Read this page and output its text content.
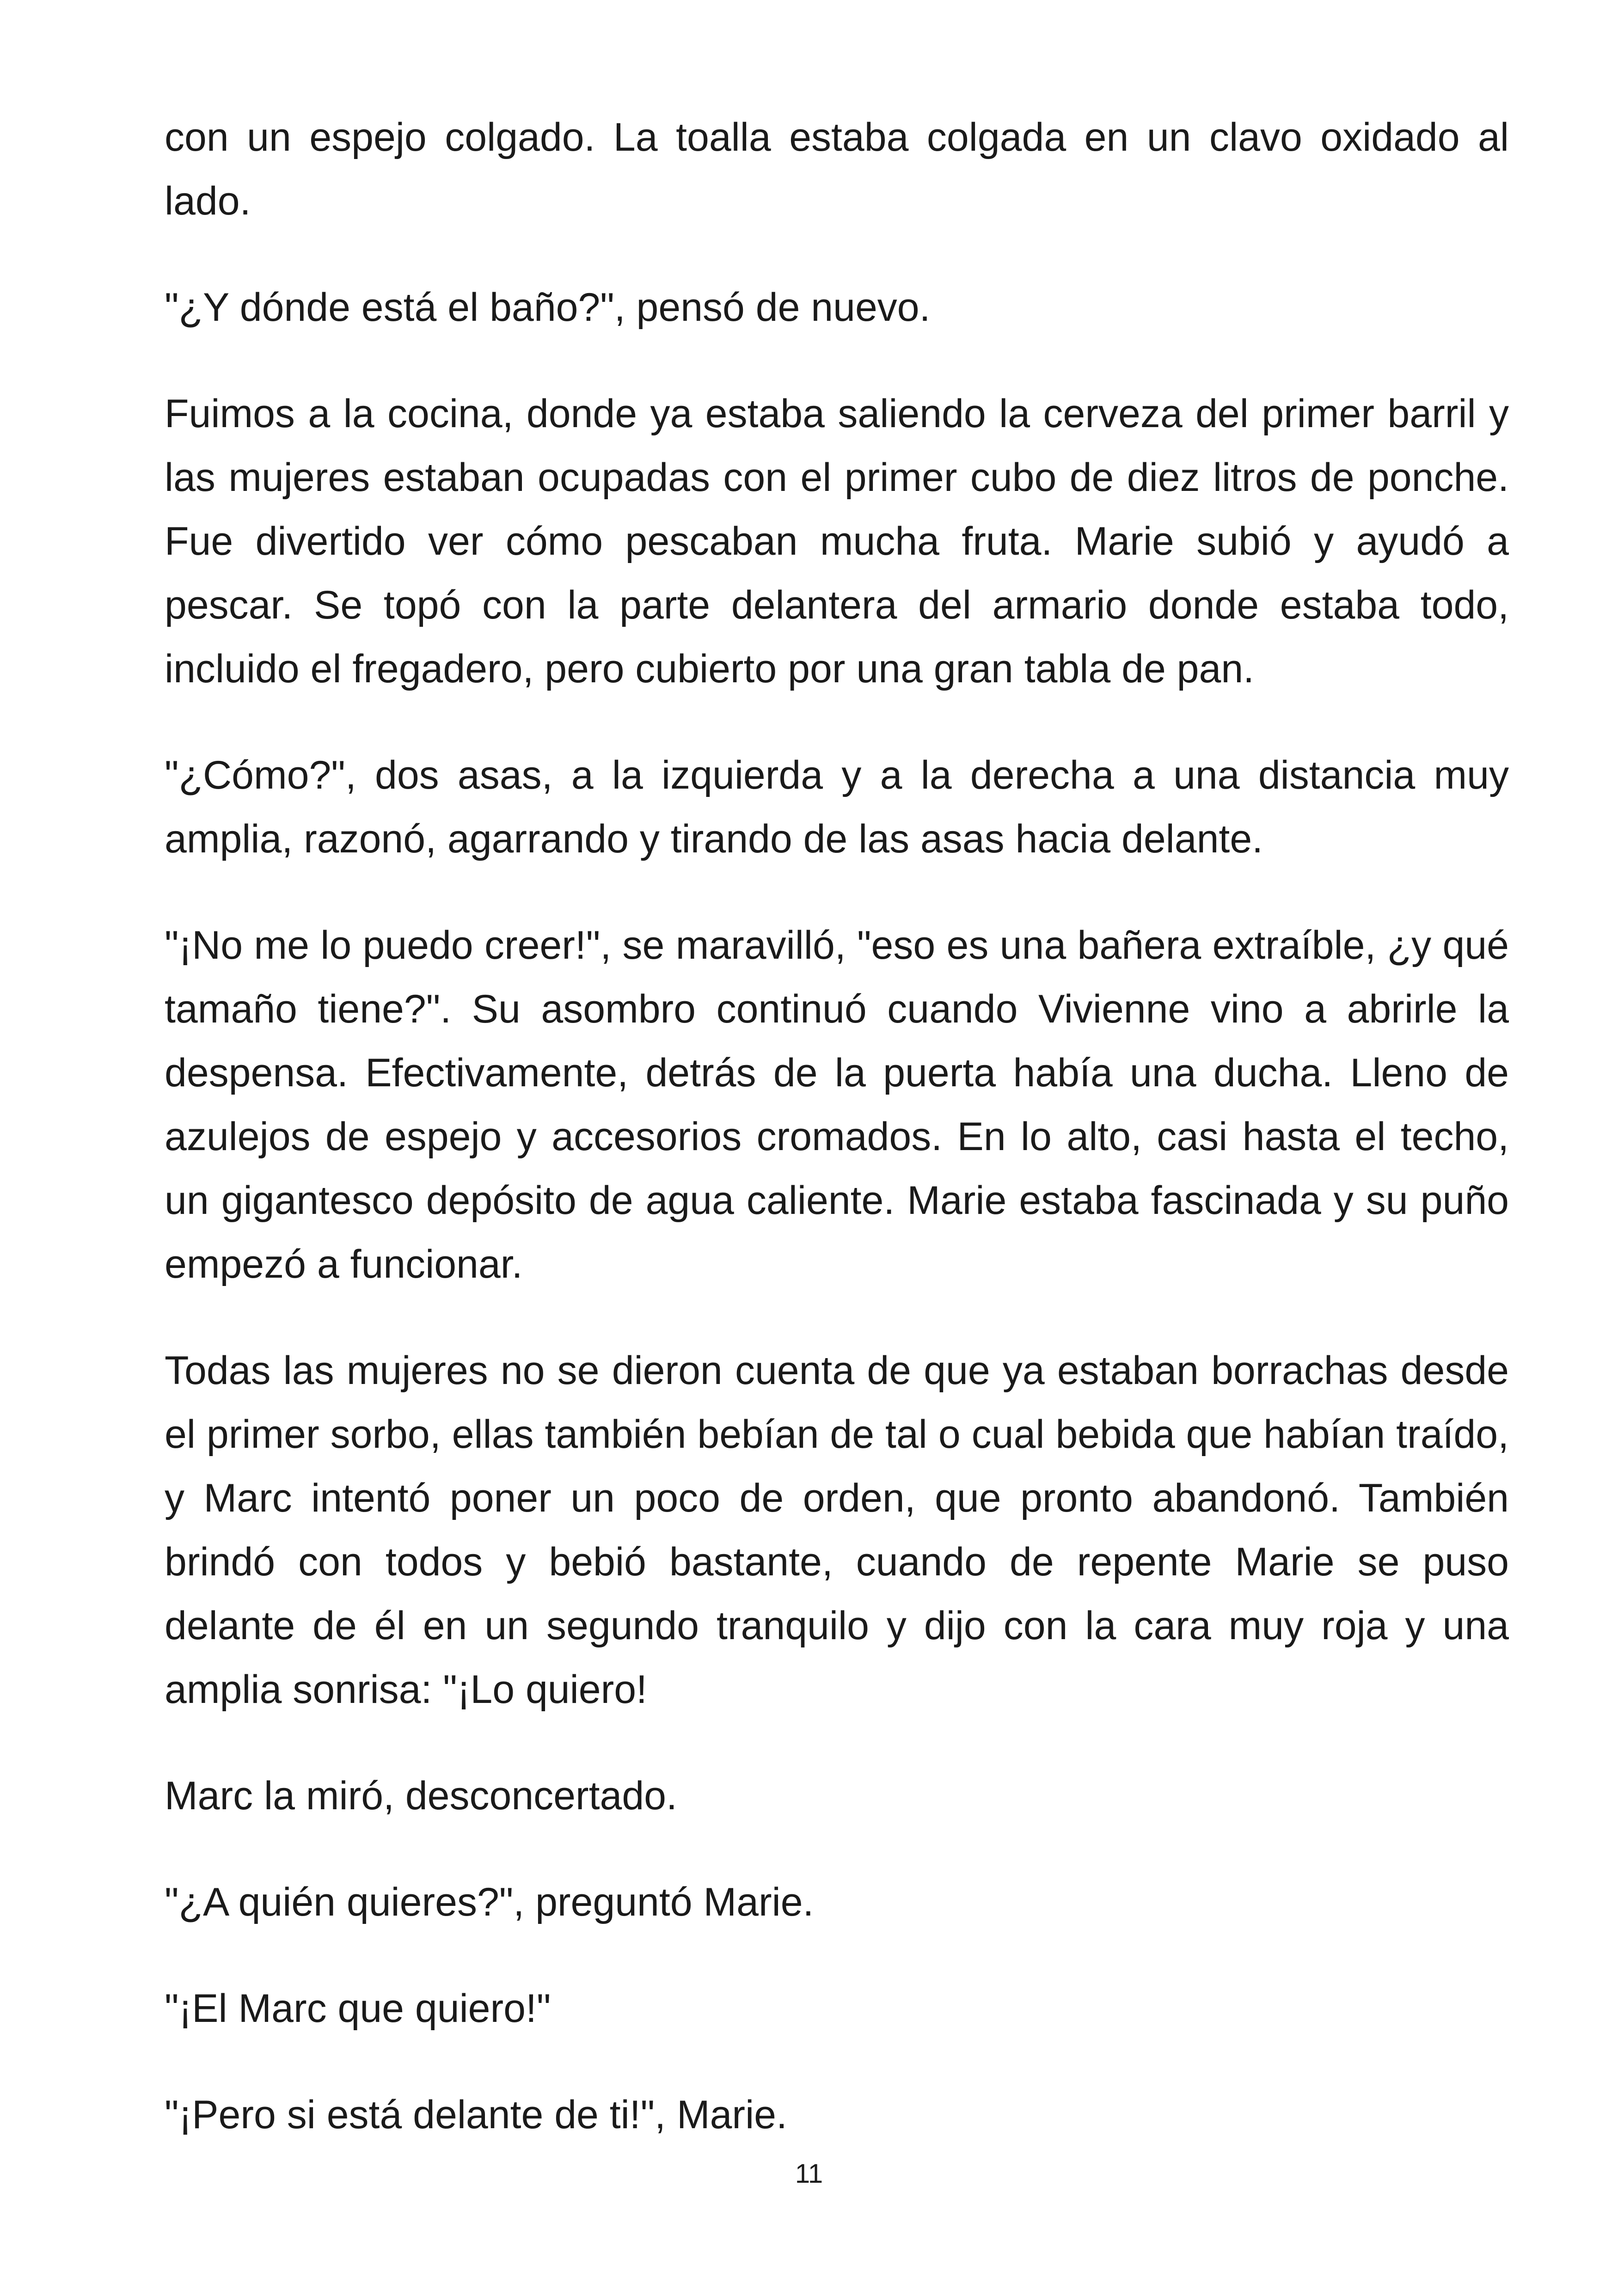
con un espejo colgado. La toalla estaba colgada en un clavo oxidado al lado.

"¿Y dónde está el baño?", pensó de nuevo.

Fuimos a la cocina, donde ya estaba saliendo la cerveza del primer barril y las mujeres estaban ocupadas con el primer cubo de diez litros de ponche. Fue divertido ver cómo pescaban mucha fruta. Marie subió y ayudó a pescar. Se topó con la parte delantera del armario donde estaba todo, incluido el fregadero, pero cubierto por una gran tabla de pan.

"¿Cómo?", dos asas, a la izquierda y a la derecha a una distancia muy amplia, razonó, agarrando y tirando de las asas hacia delante.

"¡No me lo puedo creer!", se maravilló, "eso es una bañera extraíble, ¿y qué tamaño tiene?". Su asombro continuó cuando Vivienne vino a abrirle la despensa. Efectivamente, detrás de la puerta había una ducha. Lleno de azulejos de espejo y accesorios cromados. En lo alto, casi hasta el techo, un gigantesco depósito de agua caliente. Marie estaba fascinada y su puño empezó a funcionar.

Todas las mujeres no se dieron cuenta de que ya estaban borrachas desde el primer sorbo, ellas también bebían de tal o cual bebida que habían traído, y Marc intentó poner un poco de orden, que pronto abandonó. También brindó con todos y bebió bastante, cuando de repente Marie se puso delante de él en un segundo tranquilo y dijo con la cara muy roja y una amplia sonrisa: "¡Lo quiero!

Marc la miró, desconcertado.

"¿A quién quieres?", preguntó Marie.

"¡El Marc que quiero!"

"¡Pero si está delante de ti!", Marie.

11
